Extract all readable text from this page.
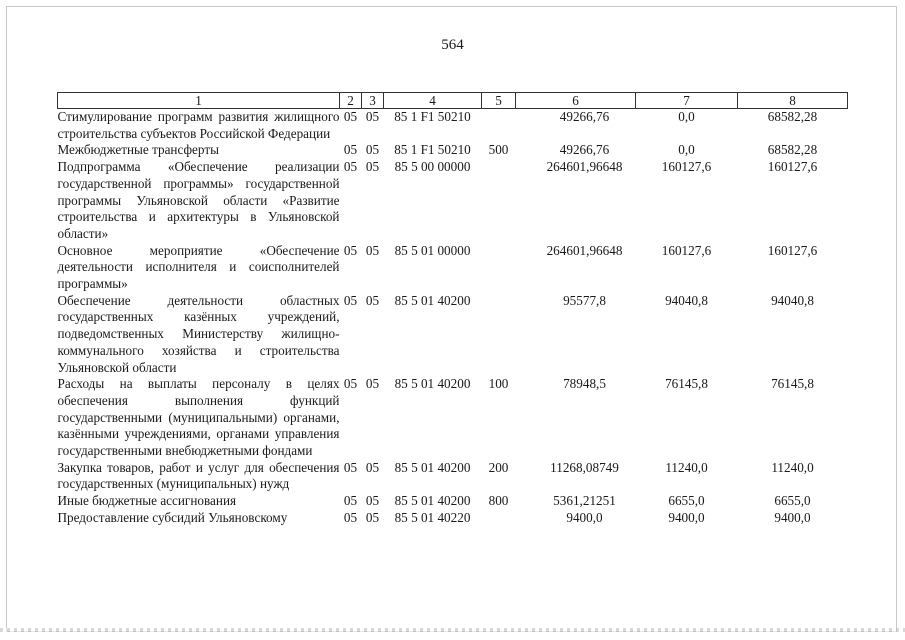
564
1	2	3	4	5	6	7	8
Стимулирование программ развития жилищного строительства субъектов Российской Федерации	05	05	85 1 F1 50210		49266,76	0,0	68582,28
Межбюджетные трансферты	05	05	85 1 F1 50210	500	49266,76	0,0	68582,28
Подпрограмма «Обеспечение реализации государственной программы» государственной программы Ульяновской области «Развитие строительства и архитектуры в Ульяновской области»	05	05	85 5 00 00000		264601,96648	160127,6	160127,6
Основное мероприятие «Обеспечение деятельности исполнителя и соисполнителей программы»	05	05	85 5 01 00000		264601,96648	160127,6	160127,6
Обеспечение деятельности областных государственных казённых учреждений, подведомственных Министерству жилищно-коммунального хозяйства и строительства Ульяновской области	05	05	85 5 01 40200		95577,8	94040,8	94040,8
Расходы на выплаты персоналу в целях обеспечения выполнения функций государственными (муниципальными) органами, казёнными учреждениями, органами управления государственными внебюджетными фондами	05	05	85 5 01 40200	100	78948,5	76145,8	76145,8
Закупка товаров, работ и услуг для обеспечения государственных (муниципальных) нужд	05	05	85 5 01 40200	200	11268,08749	11240,0	11240,0
Иные бюджетные ассигнования	05	05	85 5 01 40200	800	5361,21251	6655,0	6655,0
Предоставление субсидий Ульяновскому	05	05	85 5 01 40220		9400,0	9400,0	9400,0
